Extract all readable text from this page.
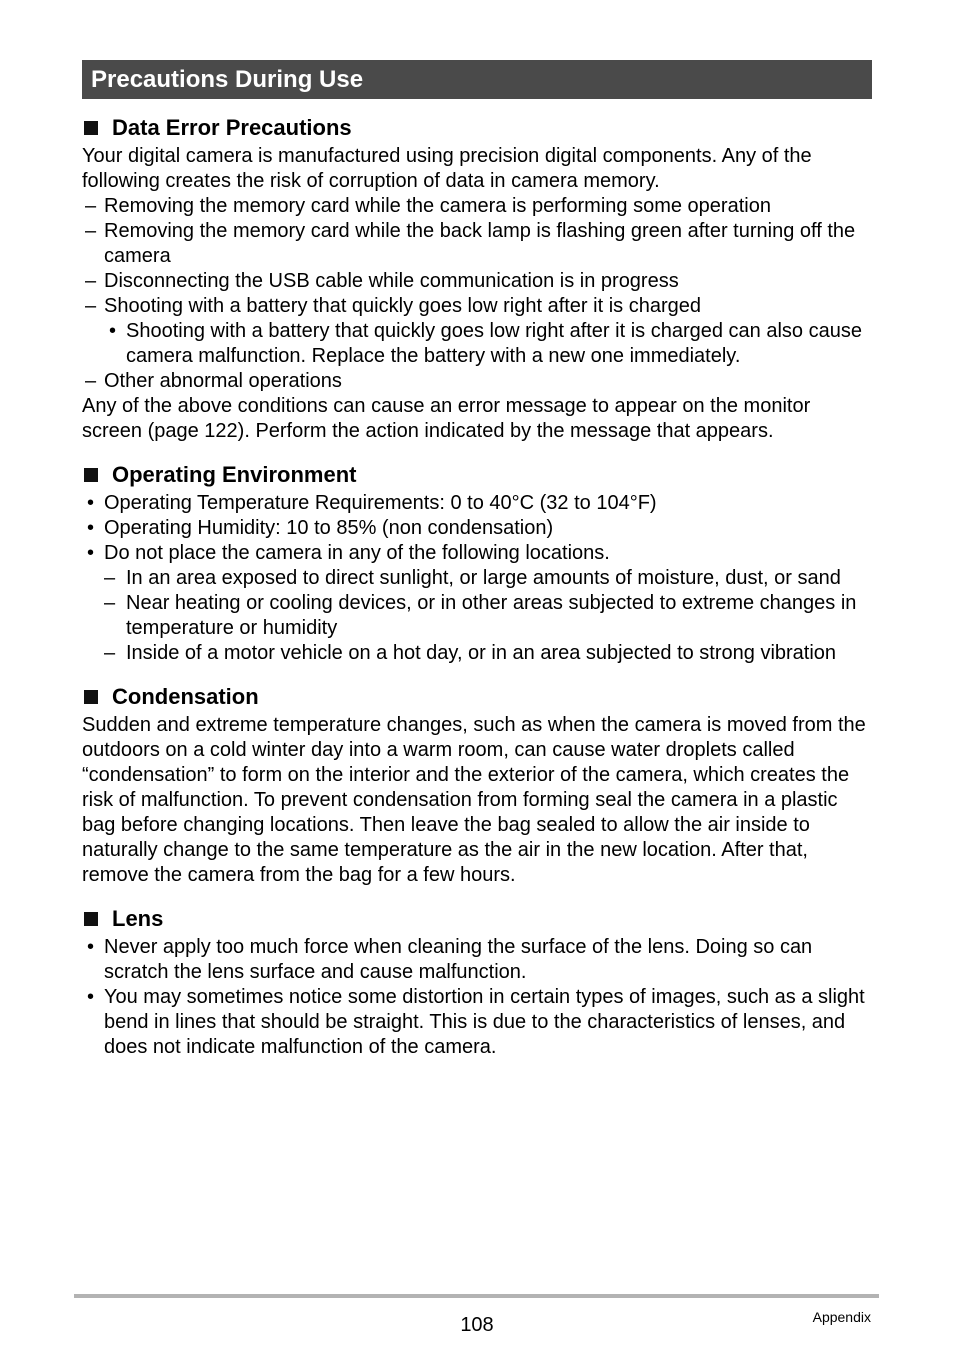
Precautions During Use
Data Error Precautions

Your digital camera is manufactured using precision digital components. Any of the following creates the risk of corruption of data in camera memory.

– Removing the memory card while the camera is performing some operation
– Removing the memory card while the back lamp is flashing green after turning off the camera
– Disconnecting the USB cable while communication is in progress
– Shooting with a battery that quickly goes low right after it is charged
• Shooting with a battery that quickly goes low right after it is charged can also cause camera malfunction. Replace the battery with a new one immediately.
– Other abnormal operations

Any of the above conditions can cause an error message to appear on the monitor screen (page 122). Perform the action indicated by the message that appears.

Operating Environment
• Operating Temperature Requirements: 0 to 40°C (32 to 104°F)
• Operating Humidity: 10 to 85% (non condensation)
• Do not place the camera in any of the following locations.
– In an area exposed to direct sunlight, or large amounts of moisture, dust, or sand
– Near heating or cooling devices, or in other areas subjected to extreme changes in temperature or humidity
– Inside of a motor vehicle on a hot day, or in an area subjected to strong vibration
Condensation

Sudden and extreme temperature changes, such as when the camera is moved from the outdoors on a cold winter day into a warm room, can cause water droplets called “condensation” to form on the interior and the exterior of the camera, which creates the risk of malfunction. To prevent condensation from forming seal the camera in a plastic bag before changing locations. Then leave the bag sealed to allow the air inside to naturally change to the same temperature as the air in the new location. After that, remove the camera from the bag for a few hours.

Lens
• Never apply too much force when cleaning the surface of the lens. Doing so can scratch the lens surface and cause malfunction.
• You may sometimes notice some distortion in certain types of images, such as a slight bend in lines that should be straight. This is due to the characteristics of lenses, and does not indicate malfunction of the camera.
108	Appendix
